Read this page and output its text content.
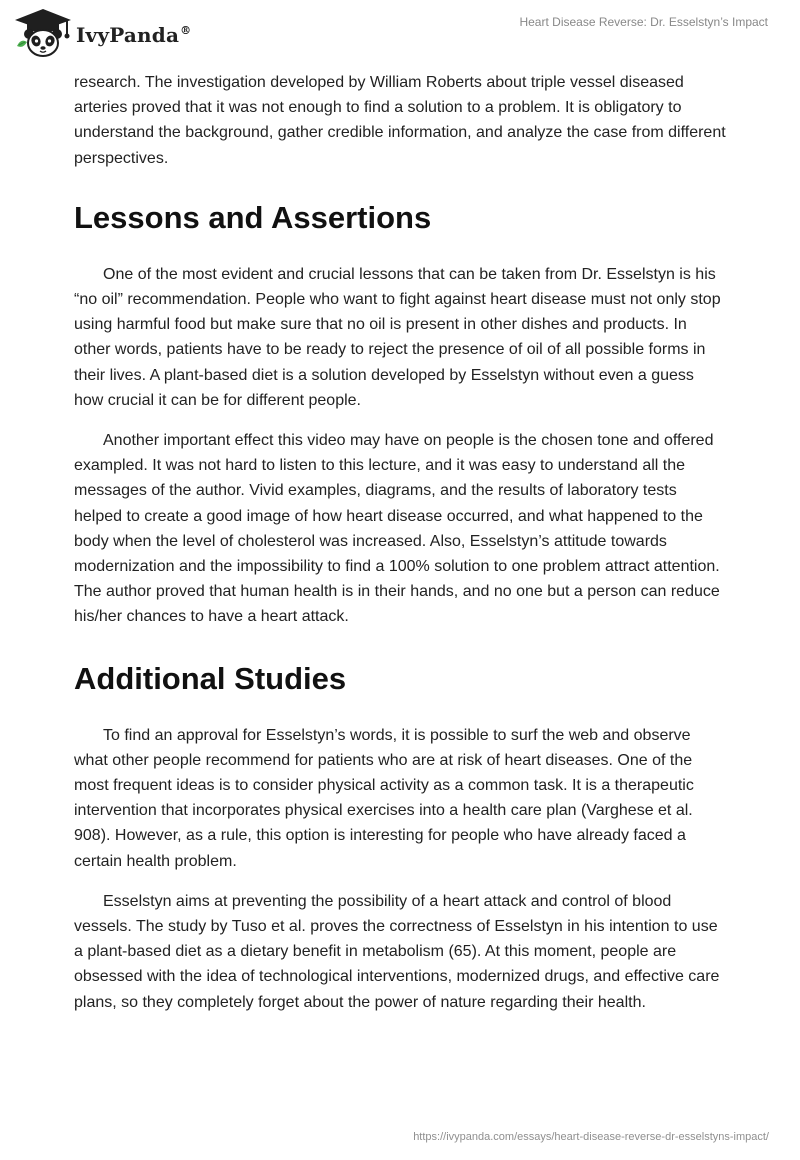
IvyPanda®
Heart Disease Reverse: Dr. Esselstyn’s Impact

research. The investigation developed by William Roberts about triple vessel diseased arteries proved that it was not enough to find a solution to a problem. It is obligatory to understand the background, gather credible information, and analyze the case from different perspectives.

Lessons and Assertions

One of the most evident and crucial lessons that can be taken from Dr. Esselstyn is his “no oil” recommendation. People who want to fight against heart disease must not only stop using harmful food but make sure that no oil is present in other dishes and products. In other words, patients have to be ready to reject the presence of oil of all possible forms in their lives. A plant-based diet is a solution developed by Esselstyn without even a guess how crucial it can be for different people.

Another important effect this video may have on people is the chosen tone and offered exampled. It was not hard to listen to this lecture, and it was easy to understand all the messages of the author. Vivid examples, diagrams, and the results of laboratory tests helped to create a good image of how heart disease occurred, and what happened to the body when the level of cholesterol was increased. Also, Esselstyn’s attitude towards modernization and the impossibility to find a 100% solution to one problem attract attention. The author proved that human health is in their hands, and no one but a person can reduce his/her chances to have a heart attack.

Additional Studies

To find an approval for Esselstyn’s words, it is possible to surf the web and observe what other people recommend for patients who are at risk of heart diseases. One of the most frequent ideas is to consider physical activity as a common task. It is a therapeutic intervention that incorporates physical exercises into a health care plan (Varghese et al. 908). However, as a rule, this option is interesting for people who have already faced a certain health problem.

Esselstyn aims at preventing the possibility of a heart attack and control of blood vessels. The study by Tuso et al. proves the correctness of Esselstyn in his intention to use a plant-based diet as a dietary benefit in metabolism (65). At this moment, people are obsessed with the idea of technological interventions, modernized drugs, and effective care plans, so they completely forget about the power of nature regarding their health.

https://ivypanda.com/essays/heart-disease-reverse-dr-esselstyns-impact/
